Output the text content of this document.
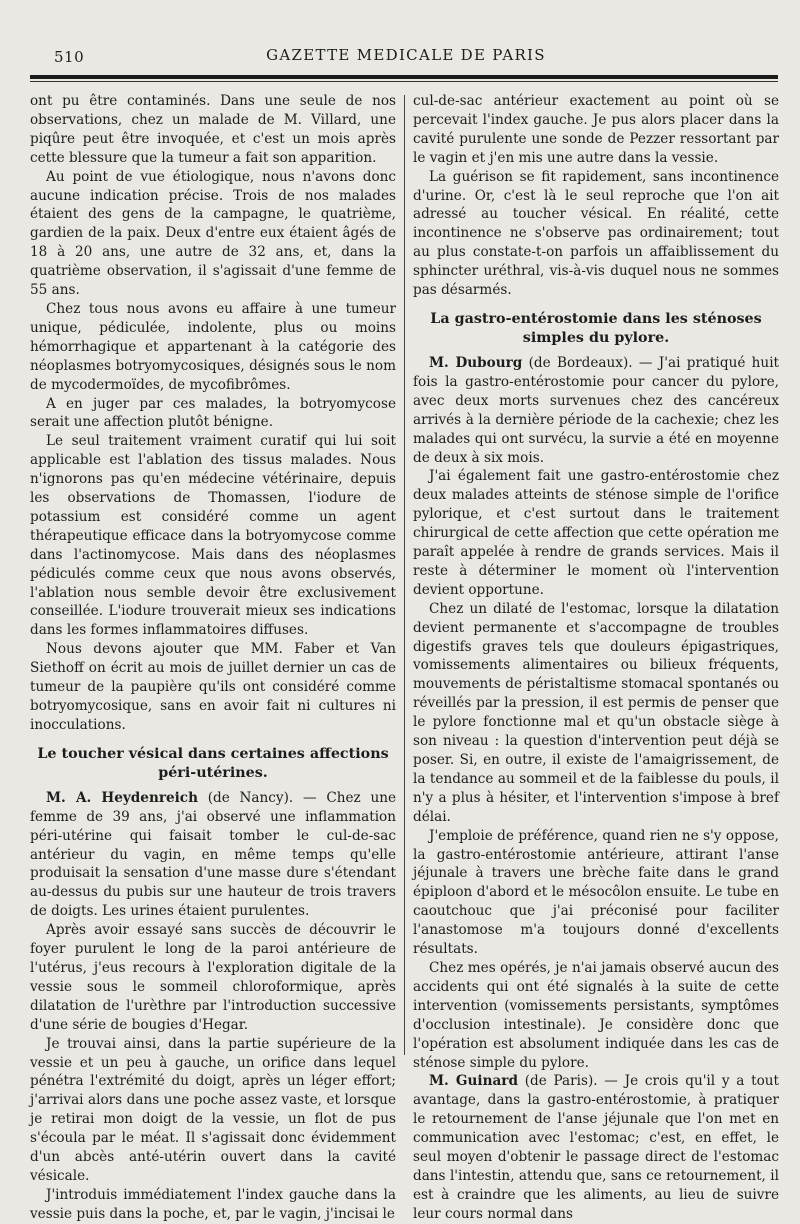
510	GAZETTE MEDICALE DE PARIS

ont pu être contaminés. Dans une seule de nos observations, chez un malade de M. Villard, une piqûre peut être invoquée, et c'est un mois après cette blessure que la tumeur a fait son apparition.

Au point de vue étiologique, nous n'avons donc aucune indication précise. Trois de nos malades étaient des gens de la campagne, le quatrième, gardien de la paix. Deux d'entre eux étaient âgés de 18 à 20 ans, une autre de 32 ans, et, dans la quatrième observation, il s'agissait d'une femme de 55 ans.

Chez tous nous avons eu affaire à une tumeur unique, pédiculée, indolente, plus ou moins hémorrhagique et appartenant à la catégorie des néoplasmes botryomycosiques, désignés sous le nom de mycodermoïdes, de mycofibrômes.

A en juger par ces malades, la botryomycose serait une affection plutôt bénigne.

Le seul traitement vraiment curatif qui lui soit applicable est l'ablation des tissus malades. Nous n'ignorons pas qu'en médecine vétérinaire, depuis les observations de Thomassen, l'iodure de potassium est considéré comme un agent thérapeutique efficace dans la botryomycose comme dans l'actinomycose. Mais dans des néoplasmes pédiculés comme ceux que nous avons observés, l'ablation nous semble devoir être exclusivement conseillée. L'iodure trouverait mieux ses indications dans les formes inflammatoires diffuses.

Nous devons ajouter que MM. Faber et Van Siethoff on écrit au mois de juillet dernier un cas de tumeur de la paupière qu'ils ont considéré comme botryomycosique, sans en avoir fait ni cultures ni inocculations.

Le toucher vésical dans certaines affections péri-utérines.

M. A. Heydenreich (de Nancy). — Chez une femme de 39 ans, j'ai observé une inflammation péri-utérine qui faisait tomber le cul-de-sac antérieur du vagin, en même temps qu'elle produisait la sensation d'une masse dure s'étendant au-dessus du pubis sur une hauteur de trois travers de doigts. Les urines étaient purulentes.

Après avoir essayé sans succès de découvrir le foyer purulent le long de la paroi antérieure de l'utérus, j'eus recours à l'exploration digitale de la vessie sous le sommeil chloroformique, après dilatation de l'urèthre par l'introduction successive d'une série de bougies d'Hegar.

Je trouvai ainsi, dans la partie supérieure de la vessie et un peu à gauche, un orifice dans lequel pénétra l'extrémité du doigt, après un léger effort; j'arrivai alors dans une poche assez vaste, et lorsque je retirai mon doigt de la vessie, un flot de pus s'écoula par le méat. Il s'agissait donc évidemment d'un abcès anté-utérin ouvert dans la cavité vésicale.

J'introduis immédiatement l'index gauche dans la vessie puis dans la poche, et, par le vagin, j'incisai le

cul-de-sac antérieur exactement au point où se percevait l'index gauche. Je pus alors placer dans la cavité purulente une sonde de Pezzer ressortant par le vagin et j'en mis une autre dans la vessie.

La guérison se fit rapidement, sans incontinence d'urine. Or, c'est là le seul reproche que l'on ait adressé au toucher vésical. En réalité, cette incontinence ne s'observe pas ordinairement; tout au plus constate-t-on parfois un affaiblissement du sphincter uréthral, vis-à-vis duquel nous ne sommes pas désarmés.

La gastro-entérostomie dans les sténoses simples du pylore.

M. Dubourg (de Bordeaux). — J'ai pratiqué huit fois la gastro-entérostomie pour cancer du pylore, avec deux morts survenues chez des cancéreux arrivés à la dernière période de la cachexie; chez les malades qui ont survécu, la survie a été en moyenne de deux à six mois.

J'ai également fait une gastro-entérostomie chez deux malades atteints de sténose simple de l'orifice pylorique, et c'est surtout dans le traitement chirurgical de cette affection que cette opération me paraît appelée à rendre de grands services. Mais il reste à déterminer le moment où l'intervention devient opportune.

Chez un dilaté de l'estomac, lorsque la dilatation devient permanente et s'accompagne de troubles digestifs graves tels que douleurs épigastriques, vomissements alimentaires ou bilieux fréquents, mouvements de péristaltisme stomacal spontanés ou réveillés par la pression, il est permis de penser que le pylore fonctionne mal et qu'un obstacle siège à son niveau : la question d'intervention peut déjà se poser. Si, en outre, il existe de l'amaigrissement, de la tendance au sommeil et de la faiblesse du pouls, il n'y a plus à hésiter, et l'intervention s'impose à bref délai.

J'emploie de préférence, quand rien ne s'y oppose, la gastro-entérostomie antérieure, attirant l'anse jéjunale à travers une brèche faite dans le grand épiploon d'abord et le mésocôlon ensuite. Le tube en caoutchouc que j'ai préconisé pour faciliter l'anastomose m'a toujours donné d'excellents résultats.

Chez mes opérés, je n'ai jamais observé aucun des accidents qui ont été signalés à la suite de cette intervention (vomissements persistants, symptômes d'occlusion intestinale). Je considère donc que l'opération est absolument indiquée dans les cas de sténose simple du pylore.

M. Guinard (de Paris). — Je crois qu'il y a tout avantage, dans la gastro-entérostomie, à pratiquer le retournement de l'anse jéjunale que l'on met en communication avec l'estomac; c'est, en effet, le seul moyen d'obtenir le passage direct de l'estomac dans l'intestin, attendu que, sans ce retournement, il est à craindre que les aliments, au lieu de suivre leur cours normal dans
